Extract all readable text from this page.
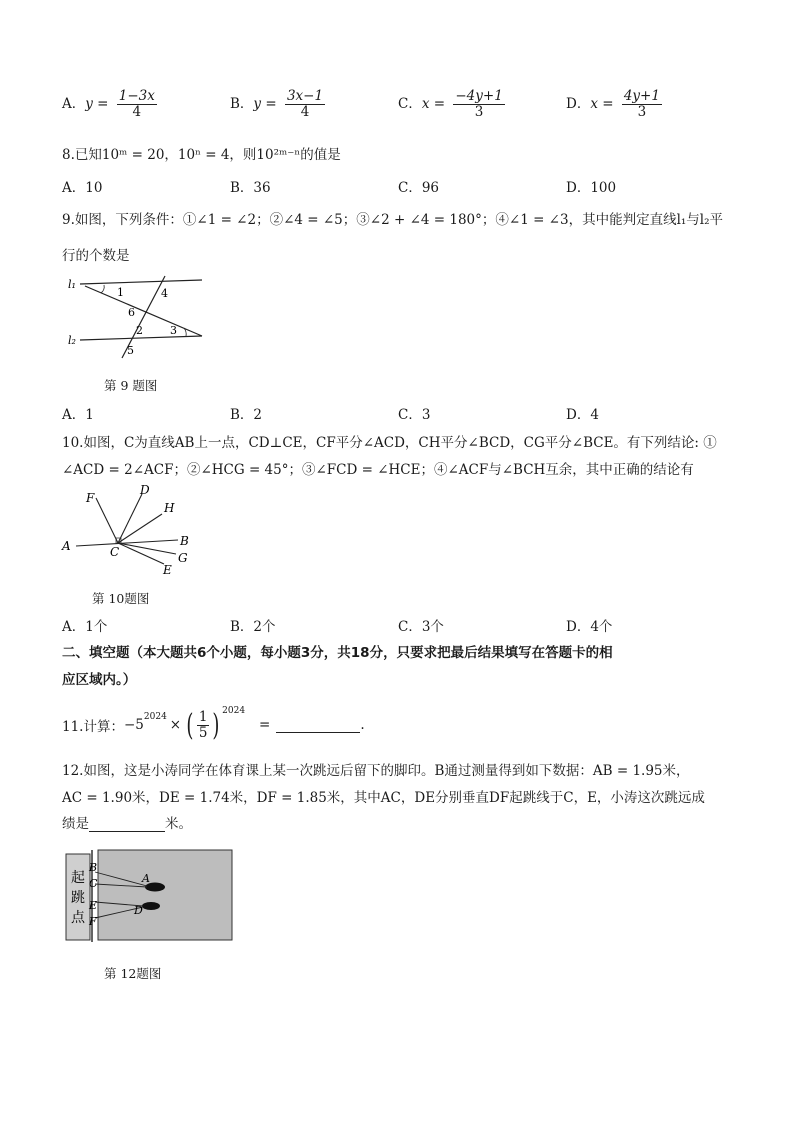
A．$y = \frac{1-3x}{4}$	B．$y = \frac{3x-1}{4}$	C．$x = \frac{-4y+1}{3}$	D．$x = \frac{4y+1}{3}$
8.已知10ᵐ = 20，10ⁿ = 4，则10²ᵐ⁻ⁿ的值是
A．10	B．36	C．96	D．100
9.如图，下列条件：①∠1 = ∠2；②∠4 = ∠5；③∠2 + ∠4 = 180°；④∠1 = ∠3，其中能判定直线l₁与l₂平
行的个数是
l₁
l₂
1	4
6
2 3
5
第 9 题图
A．1	B．2	C．3	D．4
10.如图，C为直线AB上一点，CD⊥CE，CF平分∠ACD，CH平分∠BCD，CG平分∠BCE。有下列结论: ①
∠ACD = 2∠ACF；②∠HCG = 45°；③∠FCD = ∠HCE；④∠ACF与∠BCH互余，其中正确的结论有
A	B
C
D
E
F
G
H
第 10题图
A．1个	B．2个	C．3个	D．4个
二、填空题（本大题共6个小题，每小题3分，共18分，只要求把最后结果填写在答题卡的相
应区域内。）
11.计算： $-5^{2024}$ × ( $\frac{1}{5}$ ) $^{2024}$
=	.
12.如图，这是小涛同学在体育课上某一次跳远后留下的脚印。B通过测量得到如下数据：AB = 1.95米，
AC = 1.90米，DE = 1.74米，DF = 1.85米，其中AC，DE分别垂直DF起跳线于C，E，小涛这次跳远成
绩是	米。
起
跳
点
B
C
E
F
A
D
第 12题图
